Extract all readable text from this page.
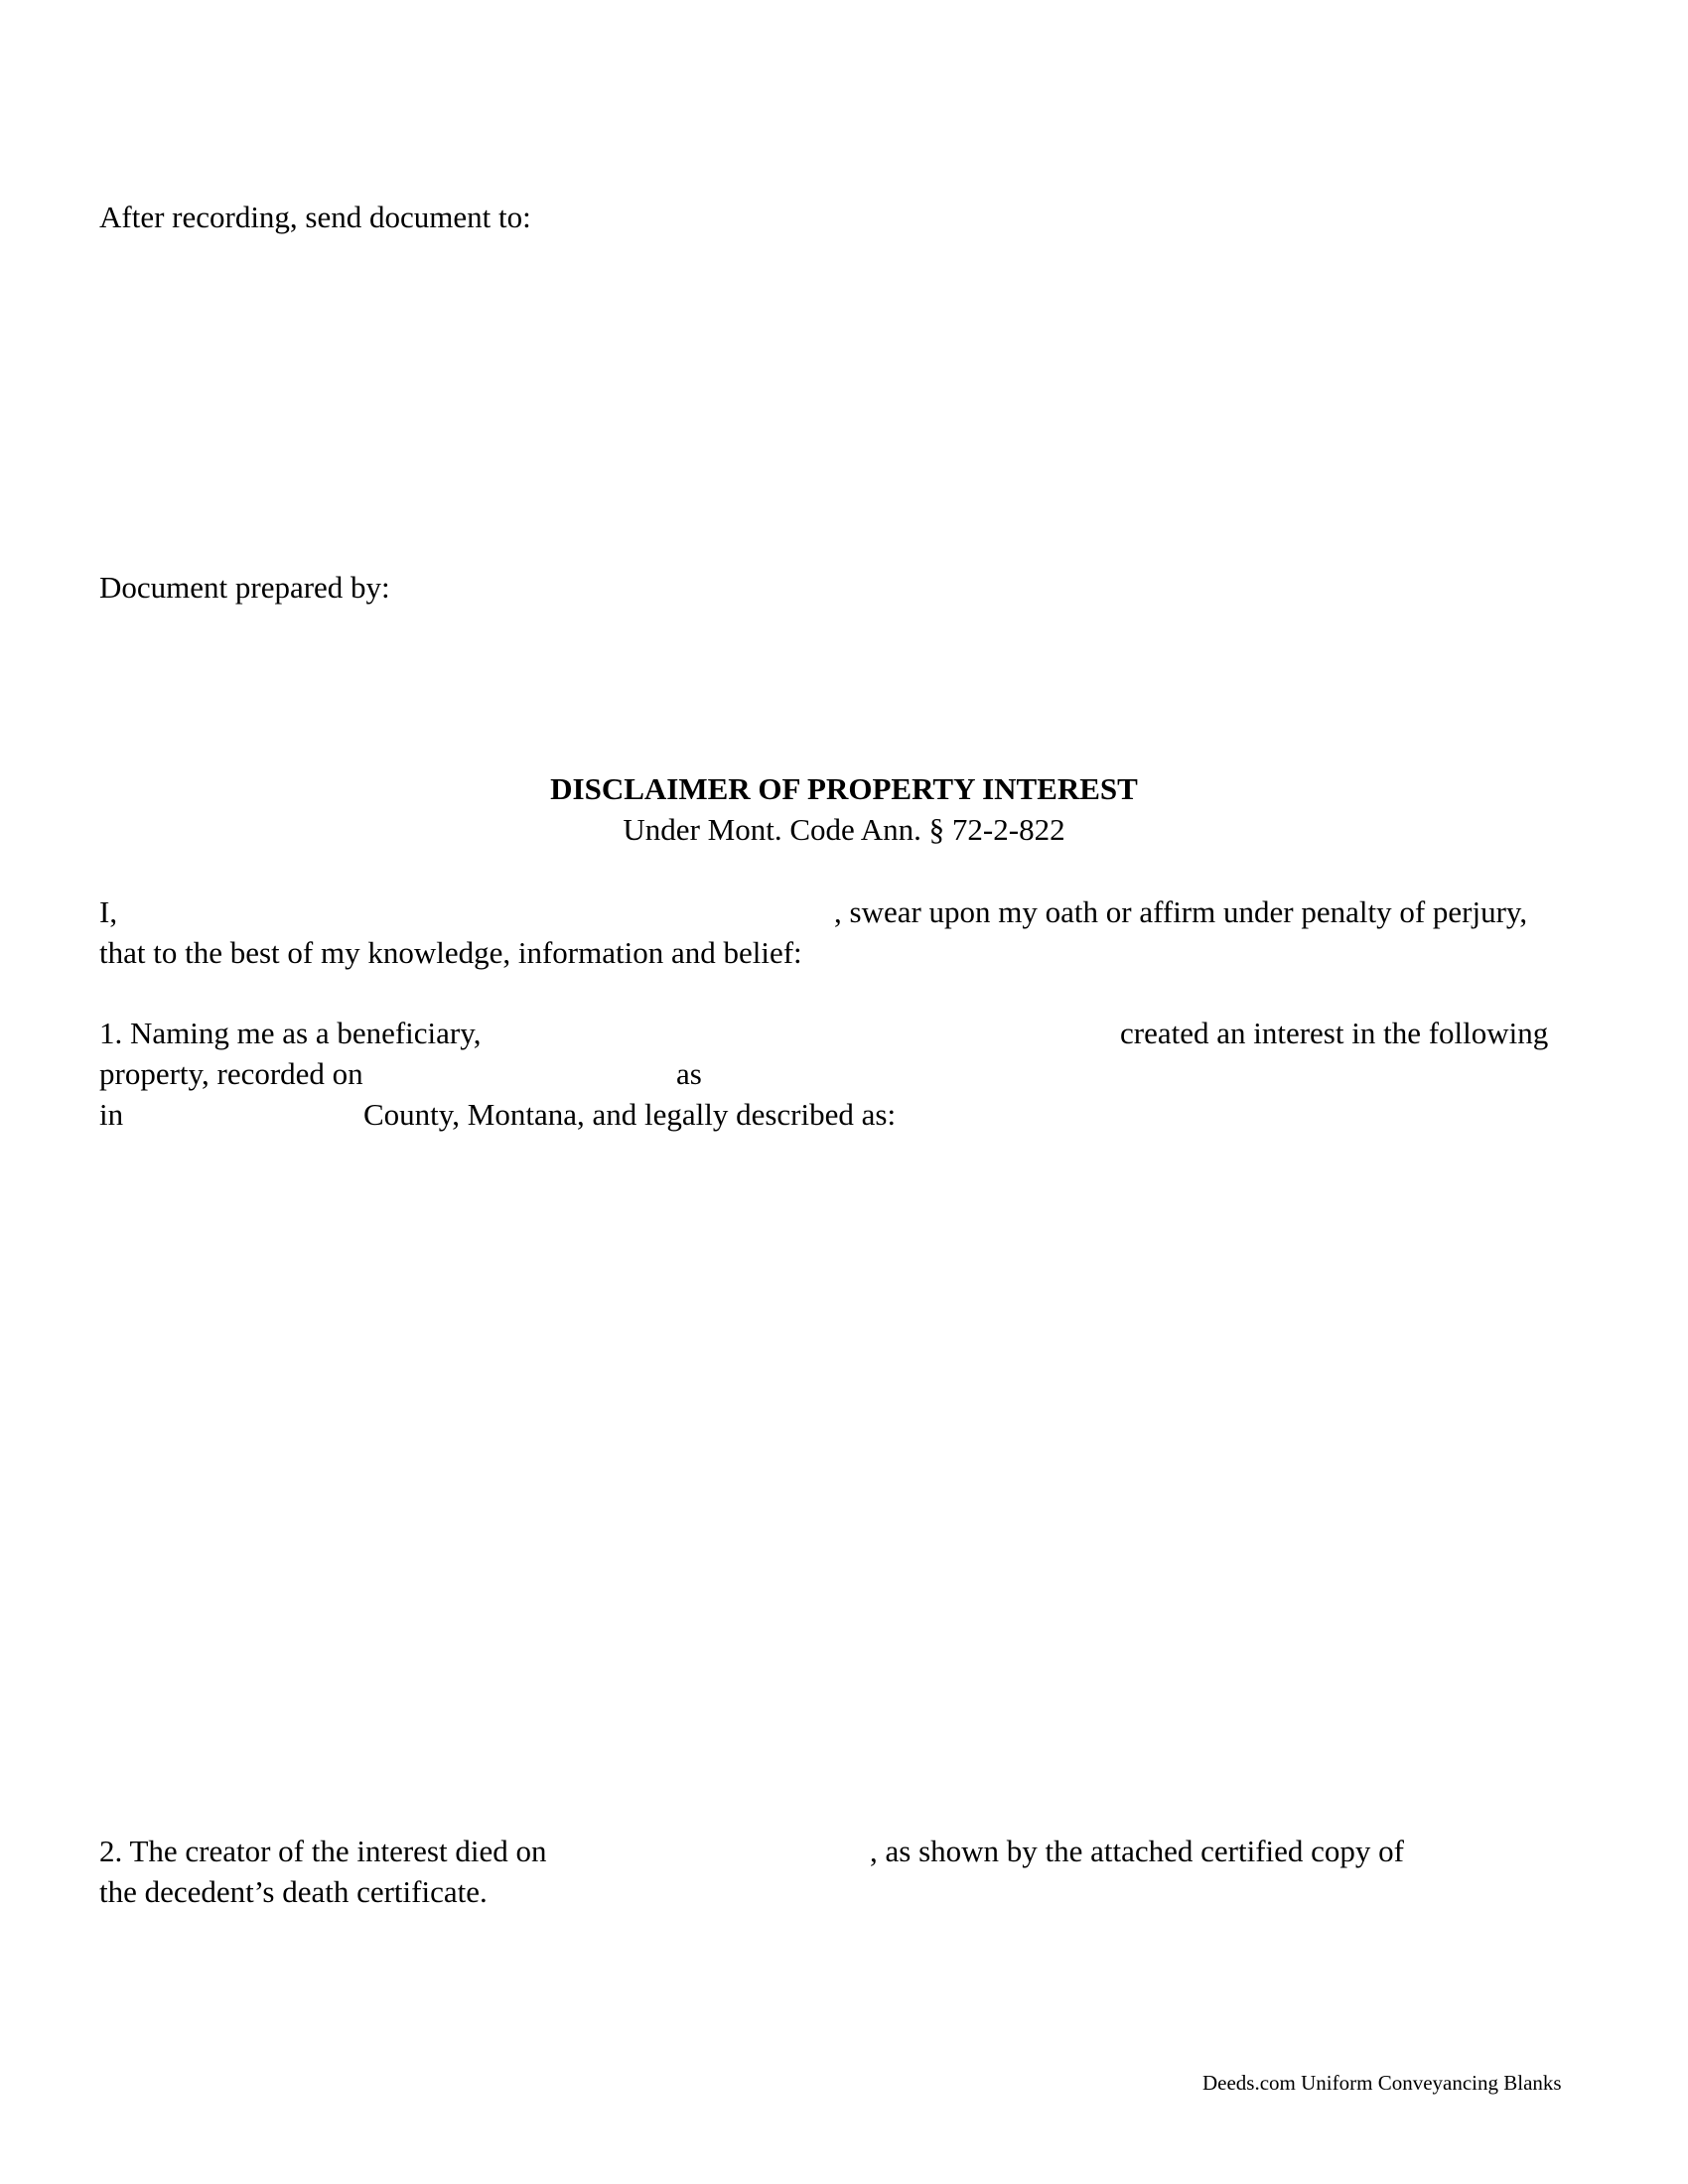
After recording, send document to:
Document prepared by:
DISCLAIMER OF PROPERTY INTEREST
Under Mont. Code Ann. § 72-2-822
I,	, swear upon my oath or affirm under penalty of perjury,
that to the best of my knowledge, information and belief:
1. Naming me as a beneficiary,	created an interest in the following
property, recorded on	as
in	County, Montana, and legally described as:
2. The creator of the interest died on	, as shown by the attached certified copy of
the decedent’s death certificate.
Deeds.com Uniform Conveyancing Blanks
